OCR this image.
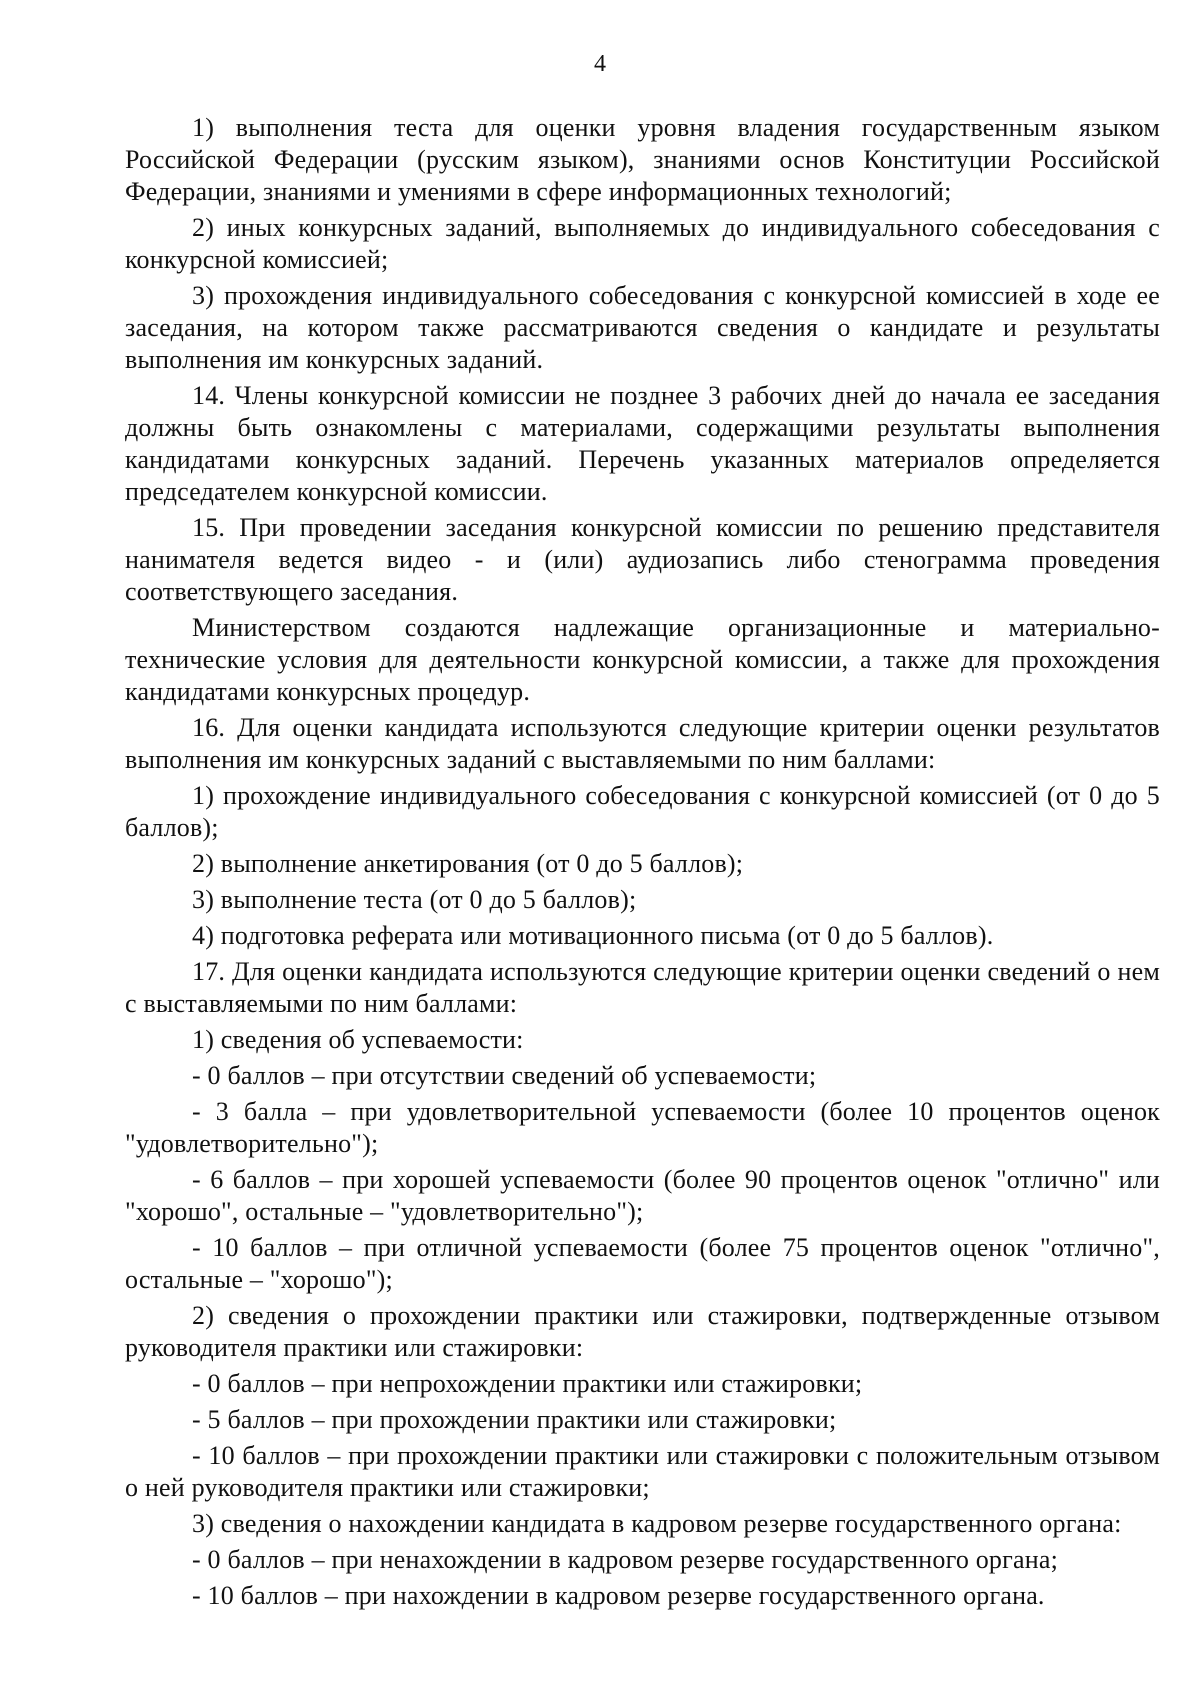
4

1) выполнения теста для оценки уровня владения государственным языком Российской Федерации (русским языком), знаниями основ Конституции Российской Федерации, знаниями и умениями в сфере информационных технологий;

2) иных конкурсных заданий, выполняемых до индивидуального собеседования с конкурсной комиссией;

3) прохождения индивидуального собеседования с конкурсной комиссией в ходе ее заседания, на котором также рассматриваются сведения о кандидате и результаты выполнения им конкурсных заданий.

14. Члены конкурсной комиссии не позднее 3 рабочих дней до начала ее заседания должны быть ознакомлены с материалами, содержащими результаты выполнения кандидатами конкурсных заданий. Перечень указанных материалов определяется председателем конкурсной комиссии.

15. При проведении заседания конкурсной комиссии по решению представителя нанимателя ведется видео - и (или) аудиозапись либо стенограмма проведения соответствующего заседания.

Министерством создаются надлежащие организационные и материально-технические условия для деятельности конкурсной комиссии, а также для прохождения кандидатами конкурсных процедур.

16. Для оценки кандидата используются следующие критерии оценки результатов выполнения им конкурсных заданий с выставляемыми по ним баллами:

1) прохождение индивидуального собеседования с конкурсной комиссией (от 0 до 5 баллов);

2) выполнение анкетирования (от 0 до 5 баллов);

3) выполнение теста (от 0 до 5 баллов);

4) подготовка реферата или мотивационного письма (от 0 до 5 баллов).

17. Для оценки кандидата используются следующие критерии оценки сведений о нем с выставляемыми по ним баллами:

1) сведения об успеваемости:

- 0 баллов – при отсутствии сведений об успеваемости;

- 3 балла – при удовлетворительной успеваемости (более 10 процентов оценок "удовлетворительно");

- 6 баллов – при хорошей успеваемости (более 90 процентов оценок "отлично" или "хорошо", остальные – "удовлетворительно");

- 10 баллов – при отличной успеваемости (более 75 процентов оценок "отлично", остальные – "хорошо");

2) сведения о прохождении практики или стажировки, подтвержденные отзывом руководителя практики или стажировки:

- 0 баллов – при непрохождении практики или стажировки;

- 5 баллов – при прохождении практики или стажировки;

- 10 баллов – при прохождении практики или стажировки с положительным отзывом о ней руководителя практики или стажировки;

3) сведения о нахождении кандидата в кадровом резерве государственного органа:

- 0 баллов – при ненахождении в кадровом резерве государственного органа;

- 10 баллов – при нахождении в кадровом резерве государственного органа.
